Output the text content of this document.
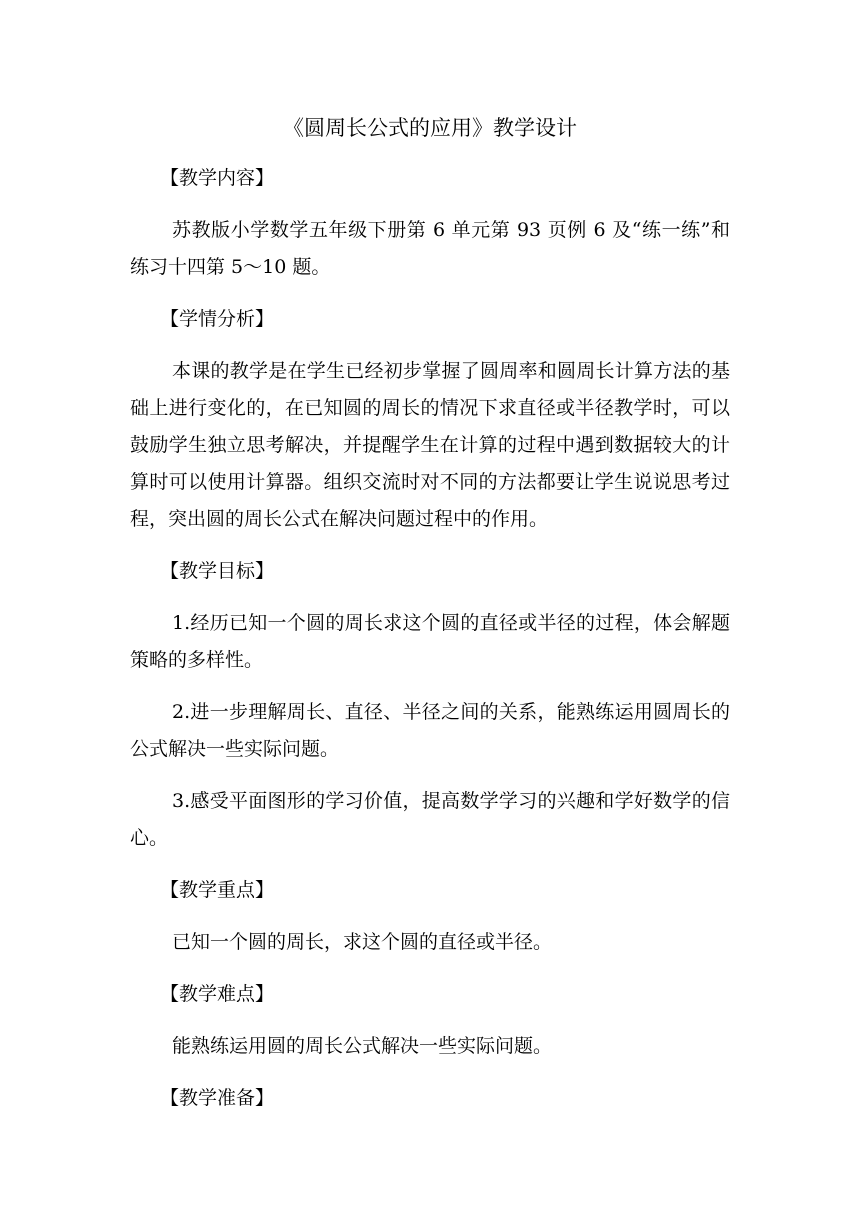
《圆周长公式的应用》教学设计
【教学内容】
苏教版小学数学五年级下册第 6 单元第 93 页例 6 及“练一练”和练习十四第 5～10 题。
【学情分析】
本课的教学是在学生已经初步掌握了圆周率和圆周长计算方法的基础上进行变化的，在已知圆的周长的情况下求直径或半径教学时，可以鼓励学生独立思考解决，并提醒学生在计算的过程中遇到数据较大的计算时可以使用计算器。组织交流时对不同的方法都要让学生说说思考过程，突出圆的周长公式在解决问题过程中的作用。
【教学目标】
1.经历已知一个圆的周长求这个圆的直径或半径的过程，体会解题策略的多样性。
2.进一步理解周长、直径、半径之间的关系，能熟练运用圆周长的公式解决一些实际问题。
3.感受平面图形的学习价值，提高数学学习的兴趣和学好数学的信心。
【教学重点】
已知一个圆的周长，求这个圆的直径或半径。
【教学难点】
能熟练运用圆的周长公式解决一些实际问题。
【教学准备】
